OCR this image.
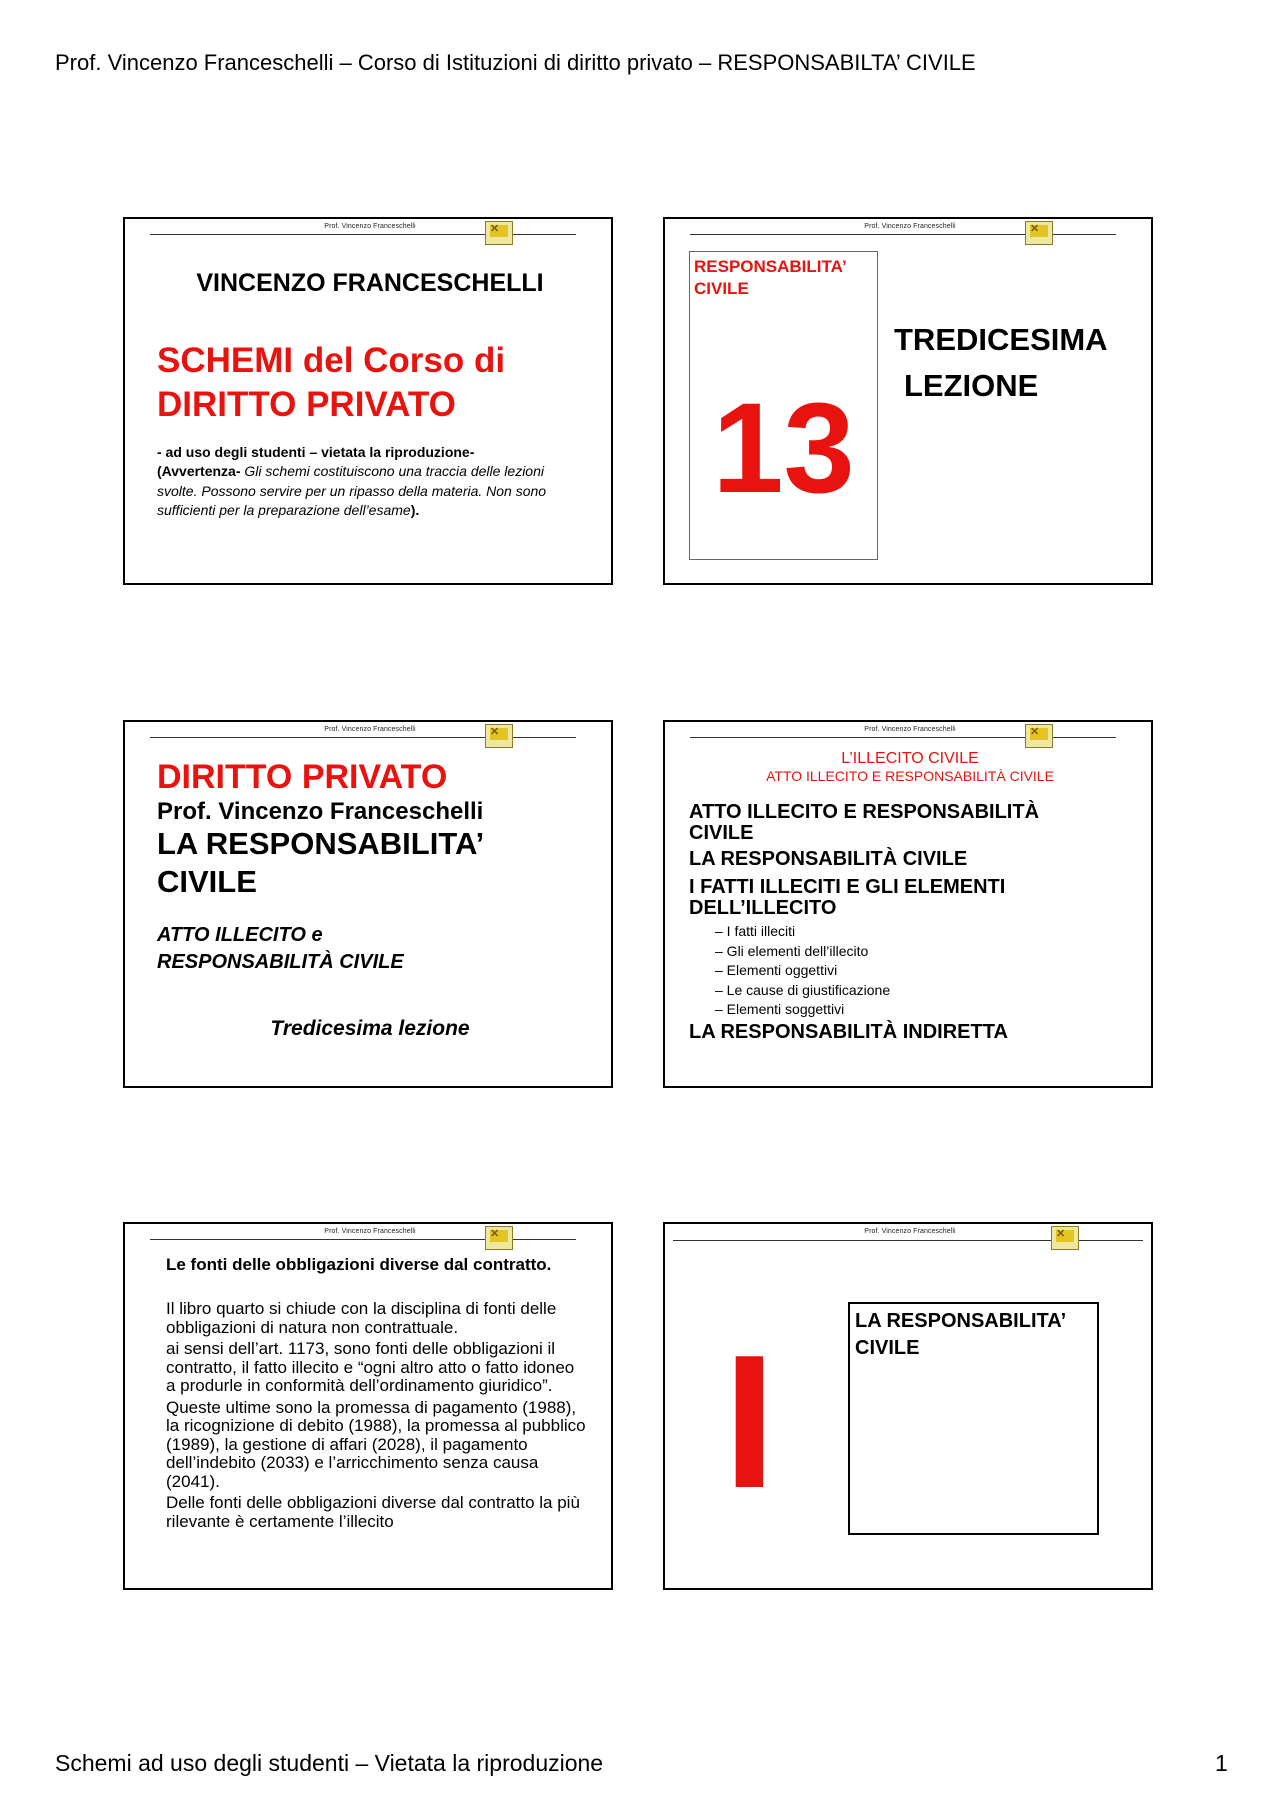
Prof. Vincenzo Franceschelli – Corso di Istituzioni di diritto privato – RESPONSABILTA’ CIVILE
Prof. Vincenzo Franceschelli	✕
VINCENZO FRANCESCHELLI
SCHEMI del Corso di
DIRITTO PRIVATO
- ad uso degli studenti – vietata la riproduzione-
(Avvertenza- Gli schemi costituiscono una traccia delle lezioni svolte. Possono servire per un ripasso della materia. Non sono sufficienti per la preparazione dell’esame).
Prof. Vincenzo Franceschelli	✕
RESPONSABILITA’
CIVILE
13
TREDICESIMA
LEZIONE
Prof. Vincenzo Franceschelli	✕
DIRITTO PRIVATO
Prof. Vincenzo Franceschelli
LA RESPONSABILITA’
CIVILE
ATTO ILLECITO e
RESPONSABILITÀ CIVILE
Tredicesima lezione
Prof. Vincenzo Franceschelli	✕
L’ILLECITO CIVILE
ATTO ILLECITO E RESPONSABILITÀ CIVILE
ATTO ILLECITO E RESPONSABILITÀ CIVILE
LA RESPONSABILITÀ CIVILE
I FATTI ILLECITI E GLI ELEMENTI DELL’ILLECITO
– I fatti illeciti
– Gli elementi dell’illecito
– Elementi oggettivi
– Le cause di giustificazione
– Elementi soggettivi
LA RESPONSABILITÀ INDIRETTA
Prof. Vincenzo Franceschelli	✕
Le fonti delle obbligazioni diverse dal contratto.
Il libro quarto si chiude con la disciplina di fonti delle obbligazioni di natura non contrattuale.
ai sensi dell’art. 1173, sono fonti delle obbligazioni il contratto, il fatto illecito e “ogni altro atto o fatto idoneo a produrle in conformità dell’ordinamento giuridico”.
Queste ultime sono la promessa di pagamento (1988), la ricognizione di debito (1988), la promessa al pubblico (1989), la gestione di affari (2028), il pagamento dell’indebito (2033) e l’arricchimento senza causa (2041).
Delle fonti delle obbligazioni diverse dal contratto la più rilevante è certamente l’illecito
Prof. Vincenzo Franceschelli	✕
I	LA RESPONSABILITA’
CIVILE
Schemi ad uso degli studenti – Vietata la riproduzione	1
